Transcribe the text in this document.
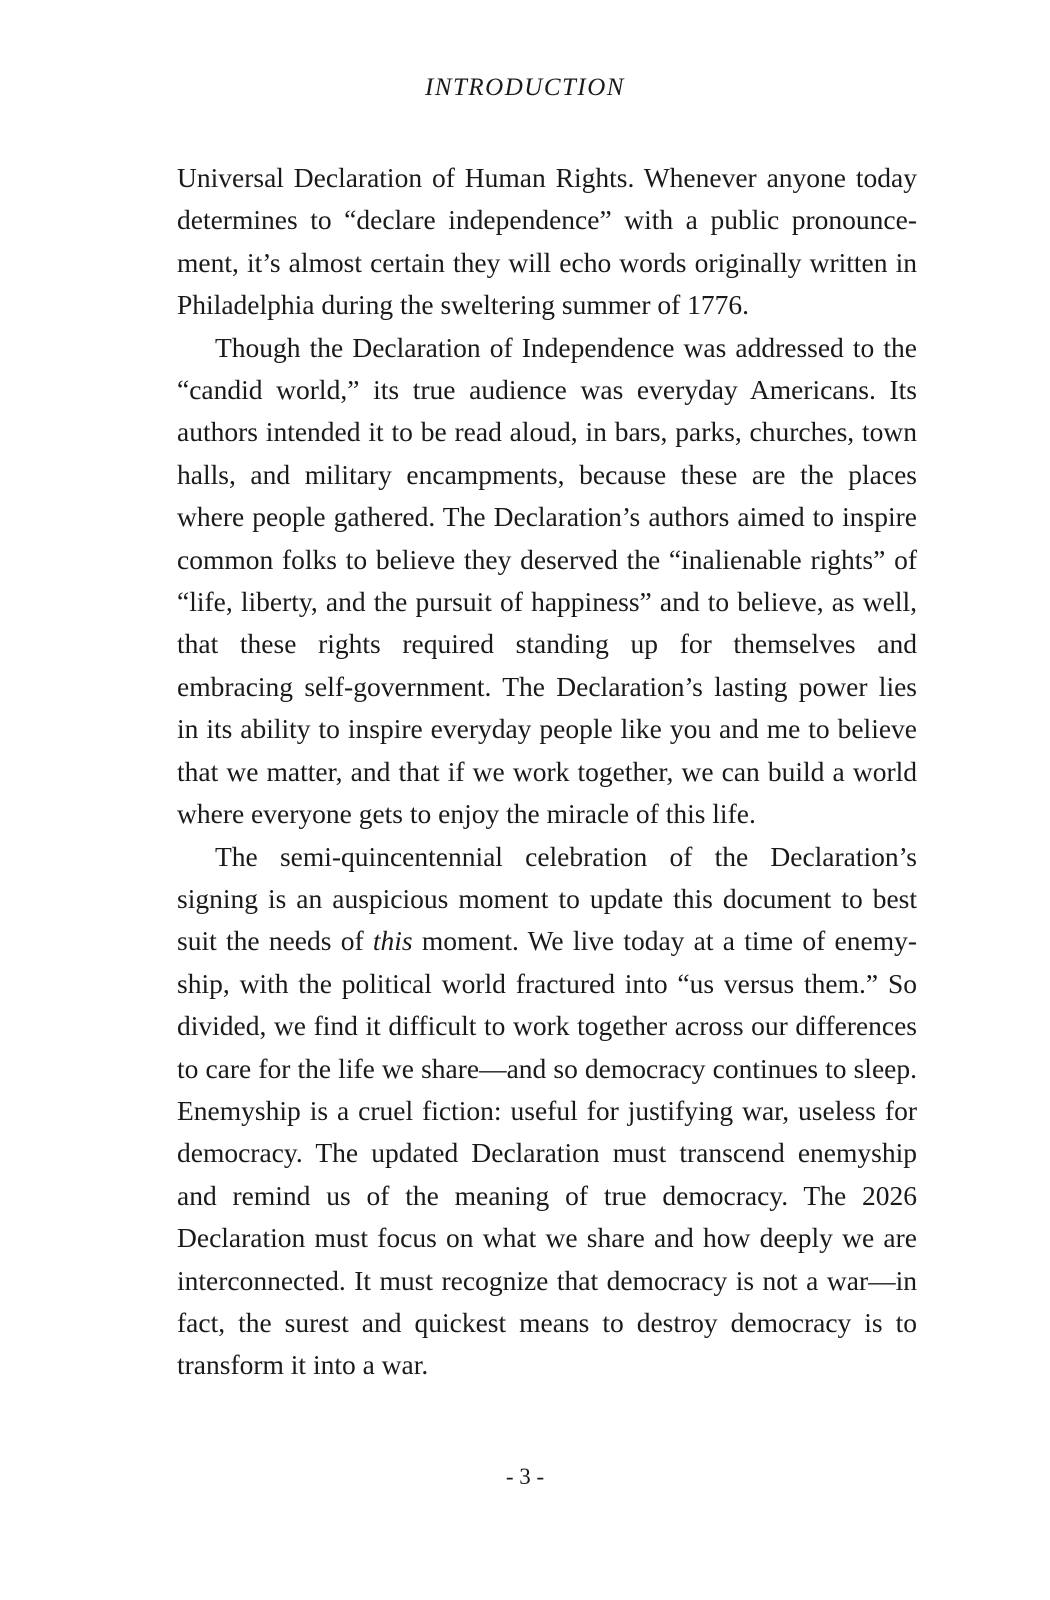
INTRODUCTION

Universal Declaration of Human Rights. Whenever anyone today determines to “declare independence” with a public pronouncement, it’s almost certain they will echo words originally written in Philadelphia during the sweltering summer of 1776.

Though the Declaration of Independence was addressed to the “candid world,” its true audience was everyday Americans. Its authors intended it to be read aloud, in bars, parks, churches, town halls, and military encampments, because these are the places where people gathered. The Declaration’s authors aimed to inspire common folks to believe they deserved the “inalienable rights” of “life, liberty, and the pursuit of happiness” and to believe, as well, that these rights required standing up for themselves and embracing self-government. The Declaration’s lasting power lies in its ability to inspire everyday people like you and me to believe that we matter, and that if we work together, we can build a world where everyone gets to enjoy the miracle of this life.

The semi-quincentennial celebration of the Declaration’s signing is an auspicious moment to update this document to best suit the needs of this moment. We live today at a time of enemyship, with the political world fractured into “us versus them.” So divided, we find it difficult to work together across our differences to care for the life we share—and so democracy continues to sleep. Enemyship is a cruel fiction: useful for justifying war, useless for democracy. The updated Declaration must transcend enemyship and remind us of the meaning of true democracy. The 2026 Declaration must focus on what we share and how deeply we are interconnected. It must recognize that democracy is not a war—in fact, the surest and quickest means to destroy democracy is to transform it into a war.

- 3 -
